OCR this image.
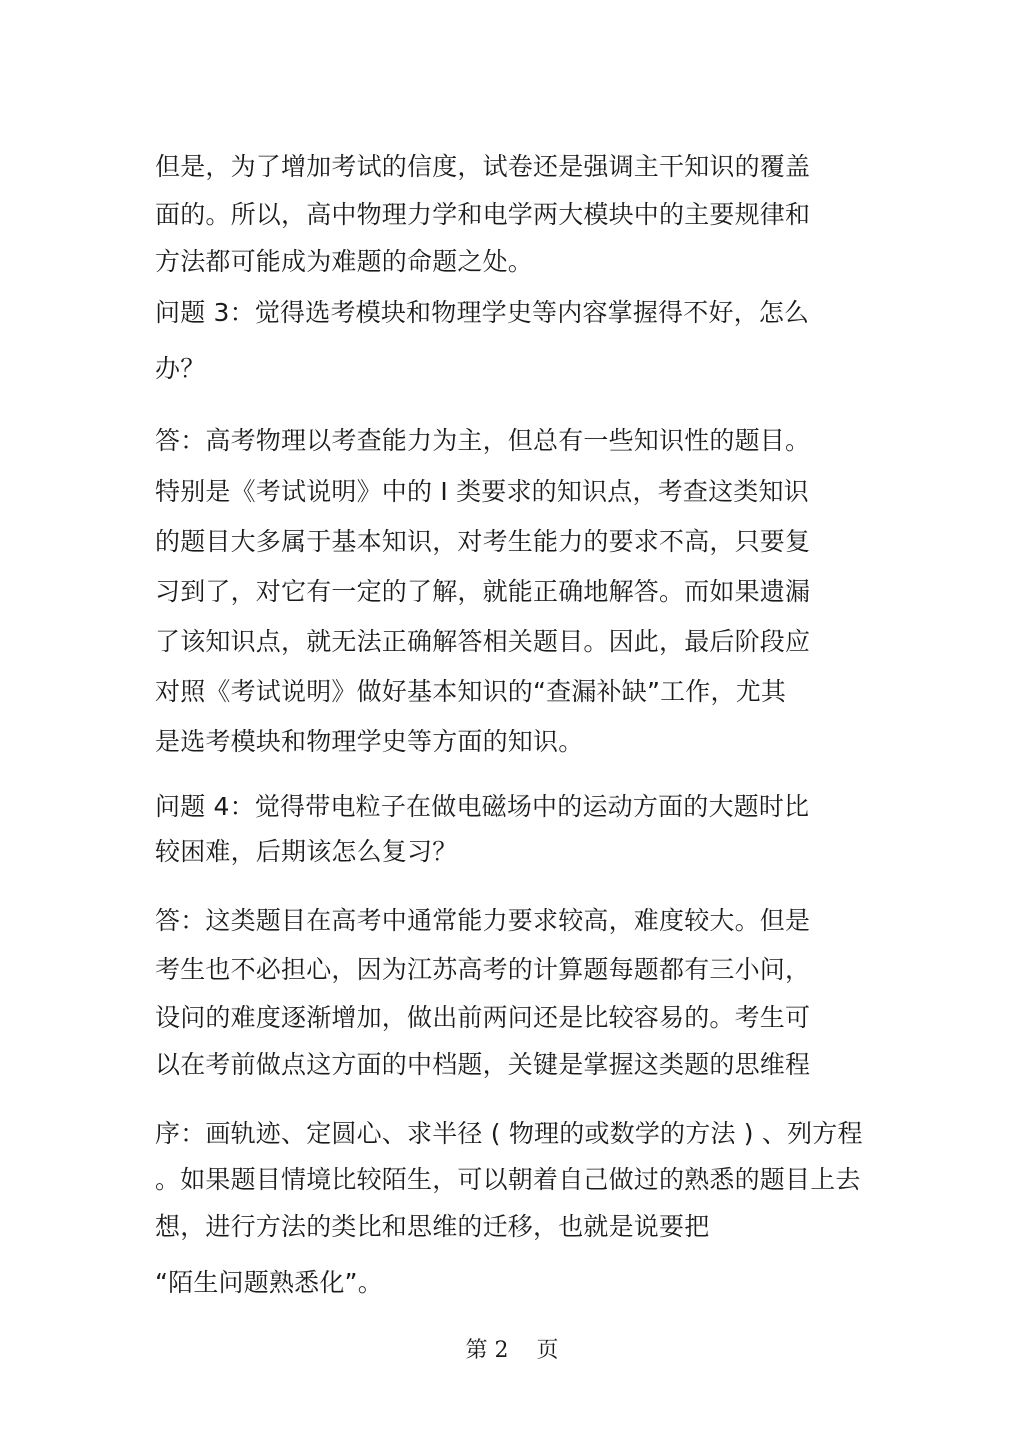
但是，为了增加考试的信度，试卷还是强调主干知识的覆盖
面的。所以，高中物理力学和电学两大模块中的主要规律和
方法都可能成为难题的命题之处。
问题 3：觉得选考模块和物理学史等内容掌握得不好，怎么
办？
答：高考物理以考查能力为主，但总有一些知识性的题目。
特别是《考试说明》中的 Ⅰ 类要求的知识点，考查这类知识
的题目大多属于基本知识，对考生能力的要求不高，只要复
习到了，对它有一定的了解，就能正确地解答。而如果遗漏
了该知识点，就无法正确解答相关题目。因此，最后阶段应
对照《考试说明》做好基本知识的“查漏补缺”工作，尤其
是选考模块和物理学史等方面的知识。
问题 4：觉得带电粒子在做电磁场中的运动方面的大题时比
较困难，后期该怎么复习？
答：这类题目在高考中通常能力要求较高，难度较大。但是
考生也不必担心，因为江苏高考的计算题每题都有三小问，
设问的难度逐渐增加，做出前两问还是比较容易的。考生可
以在考前做点这方面的中档题，关键是掌握这类题的思维程
序：画轨迹、定圆心、求半径 ( 物理的或数学的方法 ) 、列方程
。如果题目情境比较陌生，可以朝着自己做过的熟悉的题目上去
想，进行方法的类比和思维的迁移，也就是说要把
“陌生问题熟悉化”。
第 2    页
